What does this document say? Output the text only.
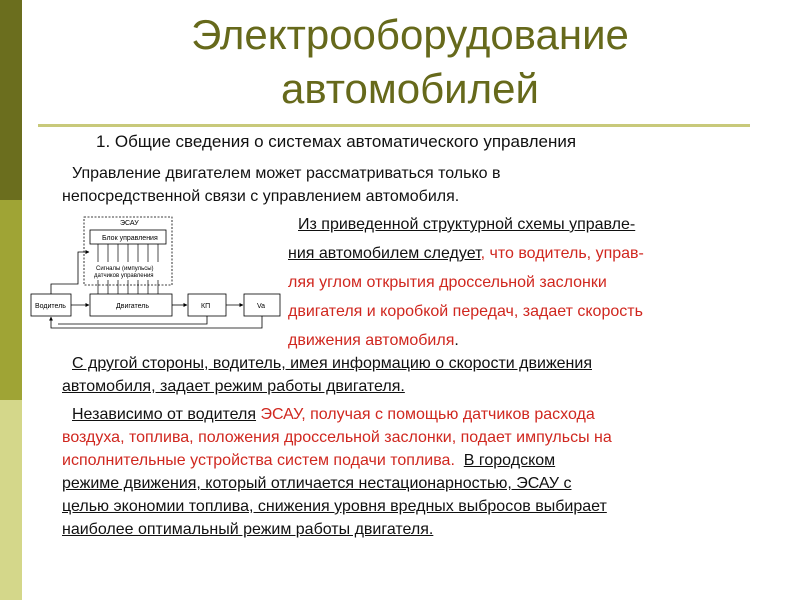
Электрооборудование
автомобилей
1. Общие сведения о системах автоматического управления
Управление двигателем может рассматриваться только в
непосредственной связи с управлением автомобиля.
ЭСАУ
Блок управления
Сигналы (импульсы)
датчиков управления
Водитель	Двигатель	КП	Va
Из приведенной структурной схемы управле-
ния автомобилем следует, что водитель, управ-
ляя углом открытия дроссельной заслонки
двигателя и коробкой передач, задает скорость
движения автомобиля.
С другой стороны, водитель, имея информацию о скорости движения
автомобиля, задает режим работы двигателя.
Независимо от водителя ЭСАУ, получая с помощью датчиков расхода
воздуха, топлива, положения дроссельной заслонки, подает импульсы на
исполнительные устройства систем подачи топлива. В городском
режиме движения, который отличается нестационарностью, ЭСАУ с
целью экономии топлива, снижения уровня вредных выбросов выбирает
наиболее оптимальный режим работы двигателя.
